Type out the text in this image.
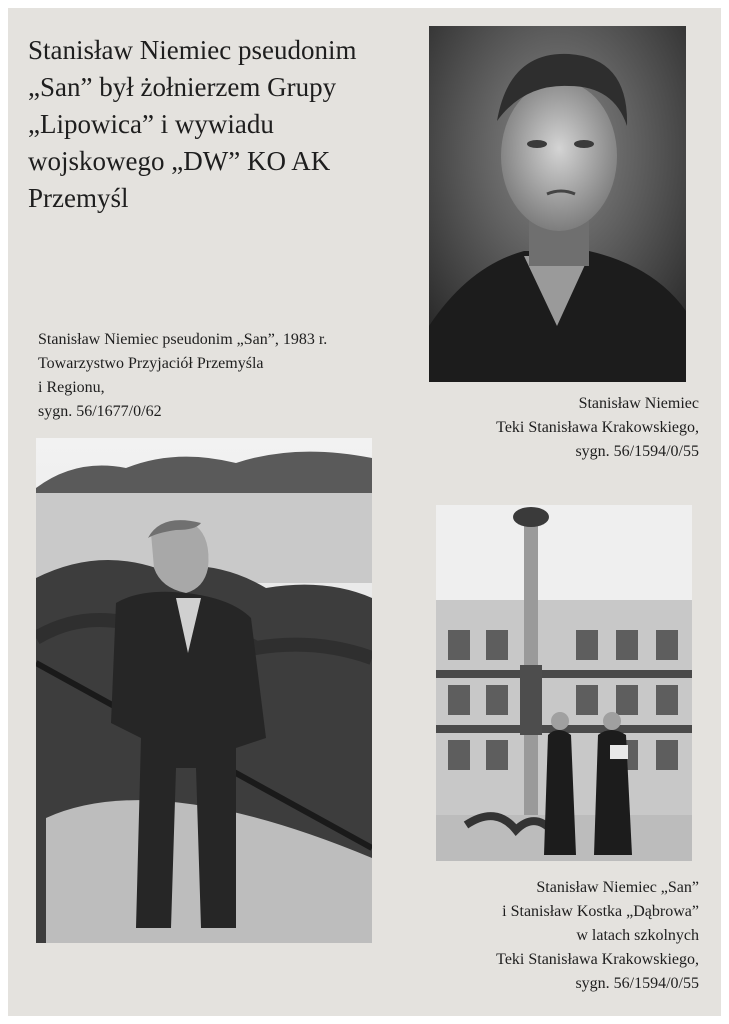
Stanisław Niemiec pseudonim
„San” był żołnierzem Grupy
„Lipowica” i wywiadu
wojskowego „DW” KO AK
Przemyśl
Stanisław Niemiec pseudonim „San”, 1983 r.
Towarzystwo Przyjaciół Przemyśla
i Regionu,
sygn. 56/1677/0/62	Stanisław Niemiec
Teki Stanisława Krakowskiego,
sygn. 56/1594/0/55
Stanisław Niemiec „San”
i Stanisław Kostka „Dąbrowa”
w latach szkolnych
Teki Stanisława Krakowskiego,
sygn. 56/1594/0/55
